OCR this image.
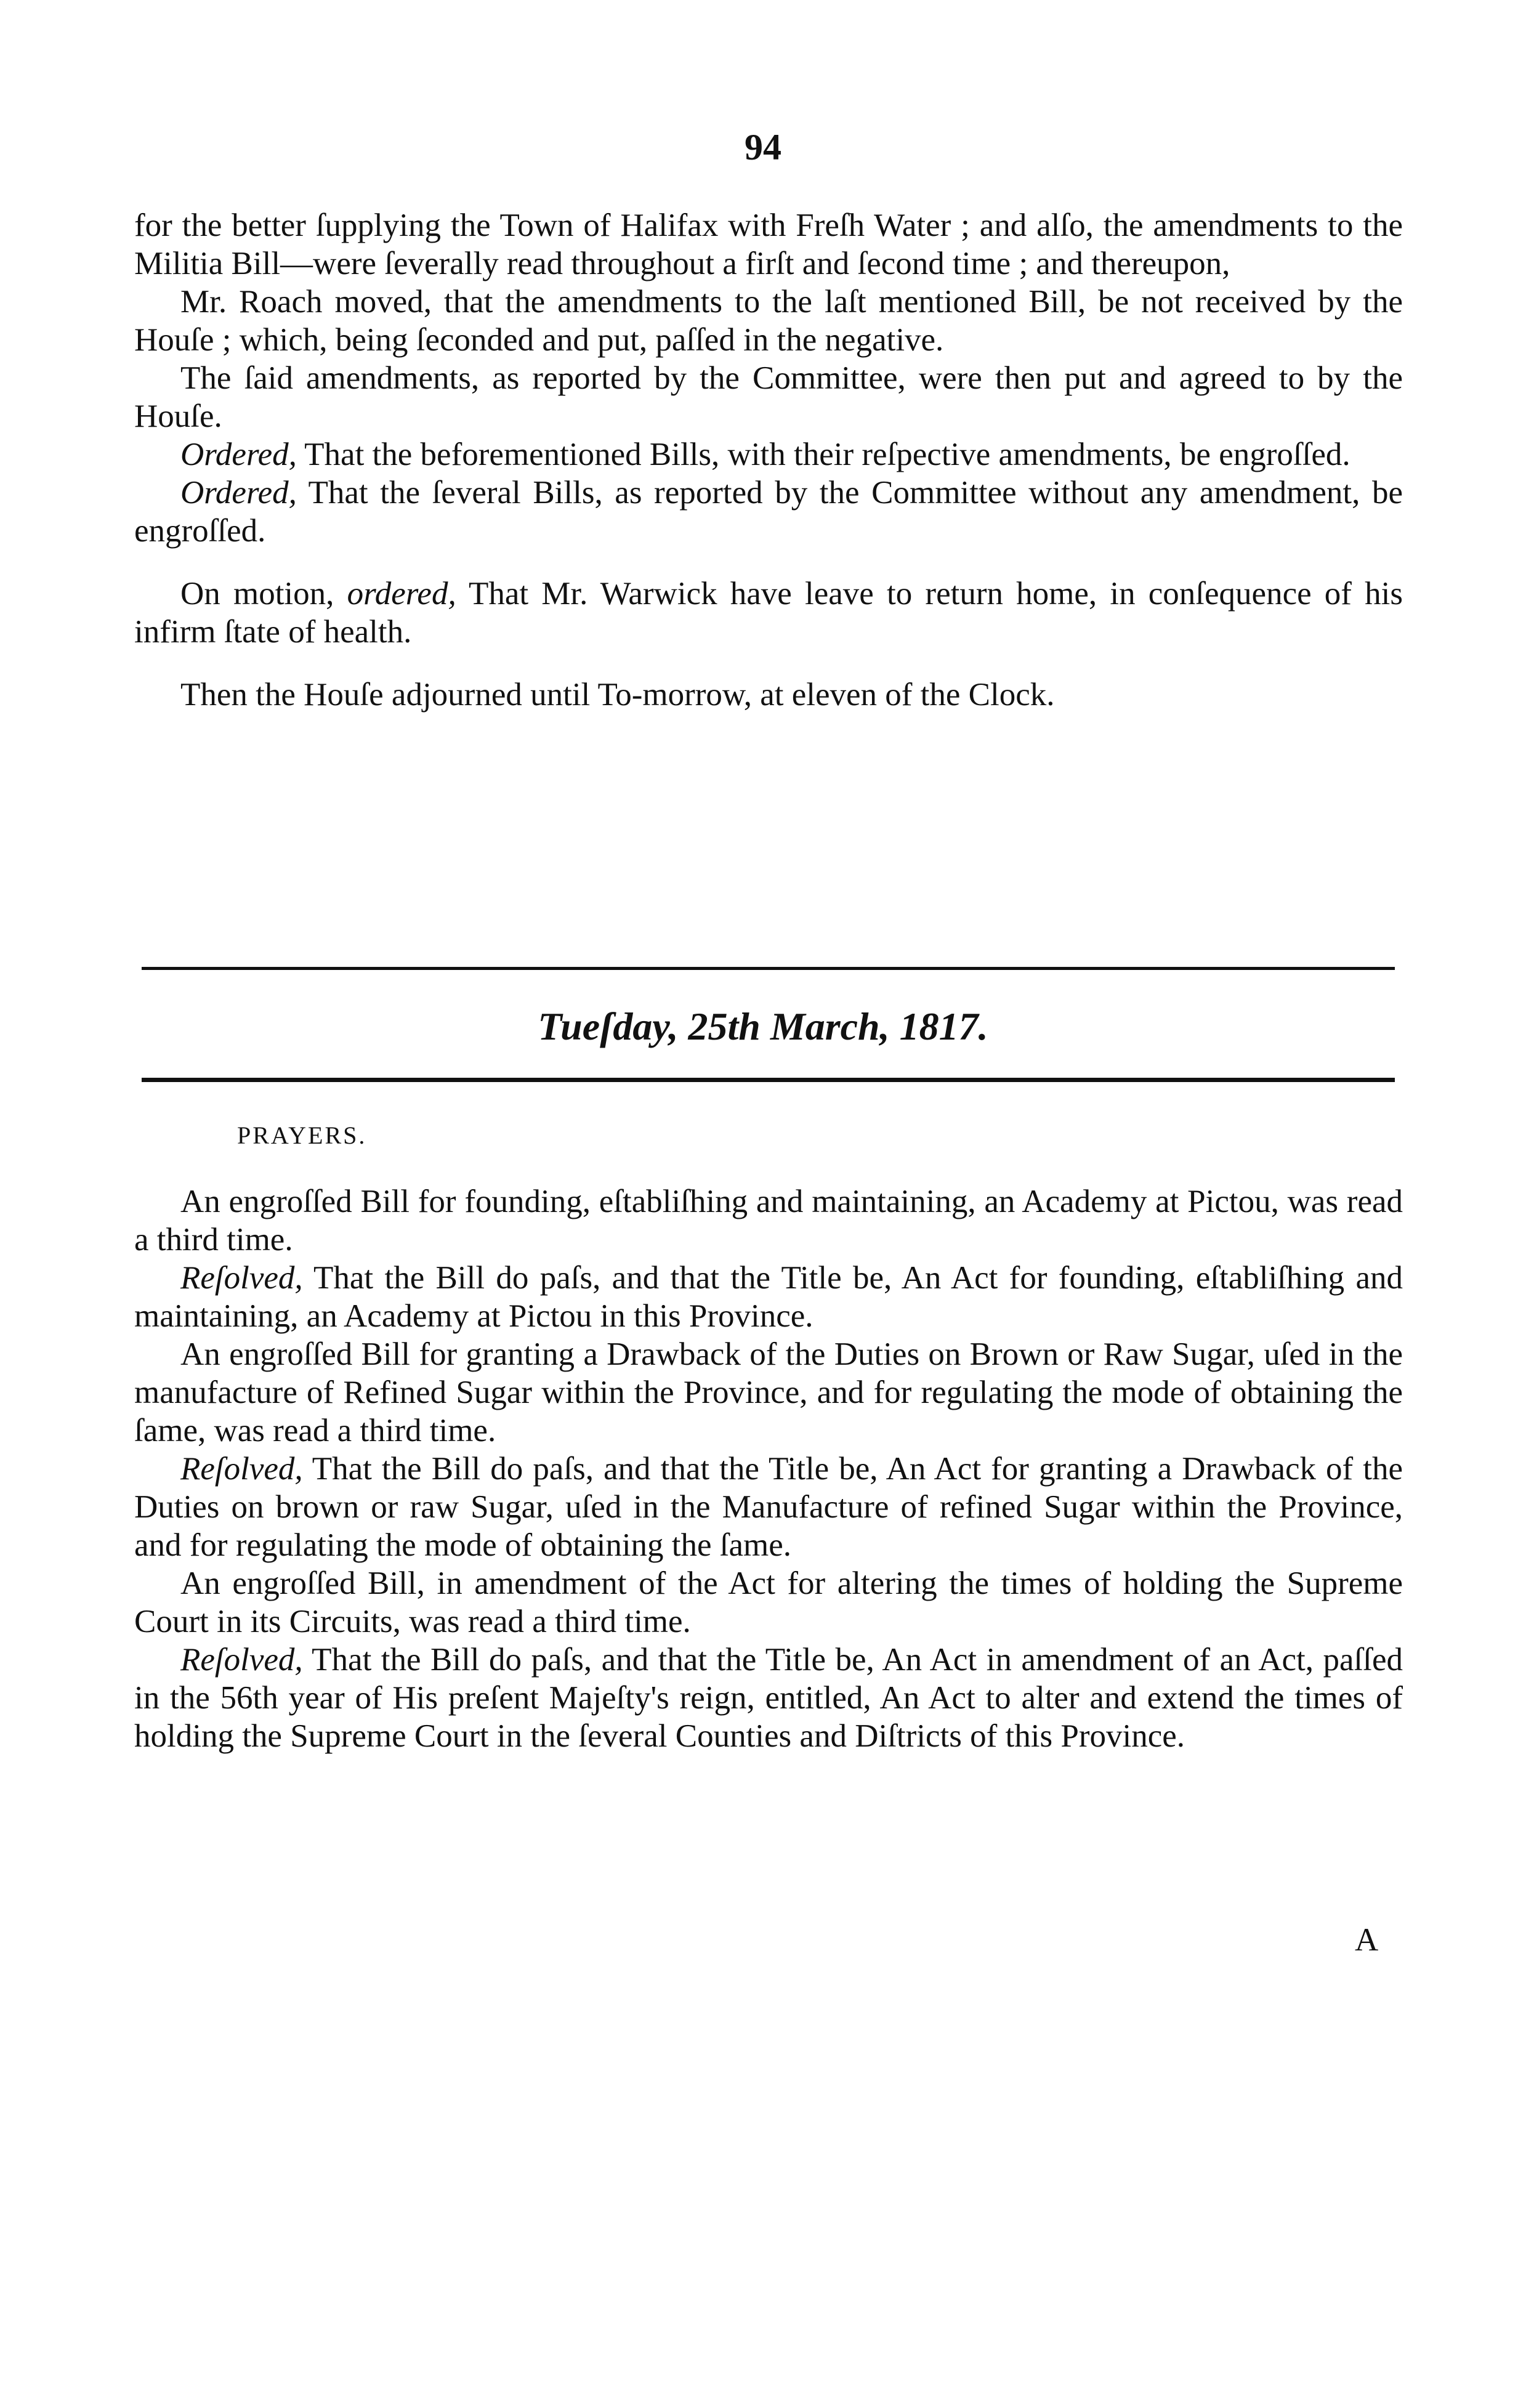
94

for the better ſupplying the Town of Halifax with Freſh Water ; and alſo, the amendments to the Militia Bill—were ſeverally read throughout a firſt and ſecond time ; and thereupon,

Mr. Roach moved, that the amendments to the laſt mentioned Bill, be not received by the Houſe ; which, being ſeconded and put, paſſed in the negative.

The ſaid amendments, as reported by the Committee, were then put and agreed to by the Houſe.

Ordered, That the beforementioned Bills, with their reſpective amendments, be engroſſed.

Ordered, That the ſeveral Bills, as reported by the Committee without any amendment, be engroſſed.

On motion, ordered, That Mr. Warwick have leave to return home, in conſequence of his infirm ſtate of health.

Then the Houſe adjourned until To-morrow, at eleven of the Clock.

Tueſday, 25th March, 1817.
PRAYERS.

An engroſſed Bill for founding, eſtabliſhing and maintaining, an Academy at Pictou, was read a third time.

Reſolved, That the Bill do paſs, and that the Title be, An Act for founding, eſtabliſhing and maintaining, an Academy at Pictou in this Province.

An engroſſed Bill for granting a Drawback of the Duties on Brown or Raw Sugar, uſed in the manufacture of Refined Sugar within the Province, and for regulating the mode of obtaining the ſame, was read a third time.

Reſolved, That the Bill do paſs, and that the Title be, An Act for granting a Drawback of the Duties on brown or raw Sugar, uſed in the Manufacture of refined Sugar within the Province, and for regulating the mode of obtaining the ſame.

An engroſſed Bill, in amendment of the Act for altering the times of holding the Supreme Court in its Circuits, was read a third time.

Reſolved, That the Bill do paſs, and that the Title be, An Act in amendment of an Act, paſſed in the 56th year of His preſent Majeſty's reign, entitled, An Act to alter and extend the times of holding the Supreme Court in the ſeveral Counties and Diſtricts of this Province.

A
